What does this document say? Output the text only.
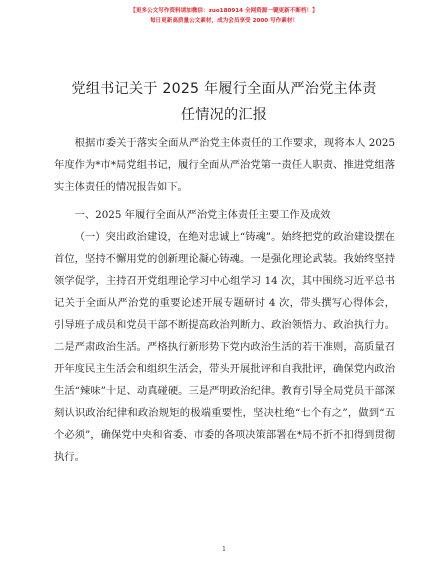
【更多公文写作资料请加微信：zuo180914 全网资源一键更新不断档！】
每日更新高质量公文素材，成为会员享受 2000 写作素材！
党组书记关于 2025 年履行全面从严治党主体责
任情况的汇报

根据市委关于落实全面从严治党主体责任的工作要求，现将本人 2025 年度作为*市*局党组书记，履行全面从严治党第一责任人职责、推进党组落实主体责任的情况报告如下。

一、2025 年履行全面从严治党主体责任主要工作及成效

（一）突出政治建设，在绝对忠诚上“铸魂”。始终把党的政治建设摆在首位，坚持不懈用党的创新理论凝心铸魂。一是强化理论武装。我始终坚持领学促学，主持召开党组理论学习中心组学习 14 次，其中围绕习近平总书记关于全面从严治党的重要论述开展专题研讨 4 次，带头撰写心得体会，引导班子成员和党员干部不断提高政治判断力、政治领悟力、政治执行力。二是严肃政治生活。严格执行新形势下党内政治生活的若干准则，高质量召开年度民主生活会和组织生活会，带头开展批评和自我批评，确保党内政治生活“辣味”十足、动真碰硬。三是严明政治纪律。教育引导全局党员干部深刻认识政治纪律和政治规矩的极端重要性，坚决杜绝“七个有之”，做到“五个必须”，确保党中央和省委、市委的各项决策部署在*局不折不扣得到贯彻执行。

1
